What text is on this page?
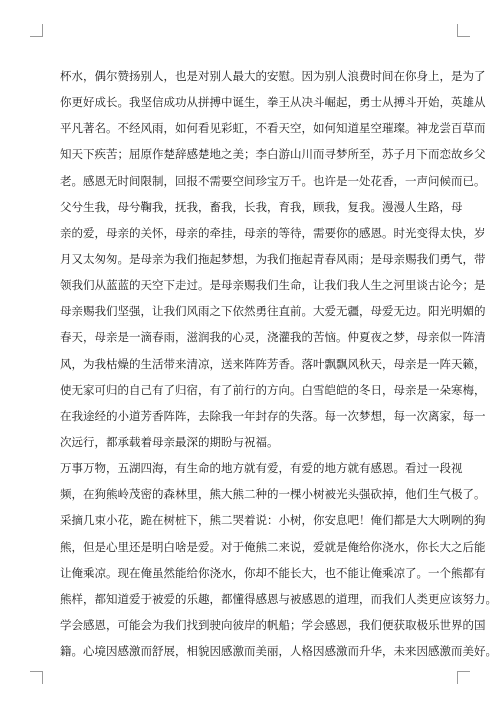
杯水，偶尔赞扬别人，也是对别人最大的安慰。因为别人浪费时间在你身上，是为了
你更好成长。我坚信成功从拼搏中诞生，拳王从决斗崛起，勇士从搏斗开始，英雄从
平凡著名。不经风雨，如何看见彩虹，不看天空，如何知道星空璀璨。神龙尝百草而
知天下疾苦；屈原作楚辞感楚地之美；李白游山川而寻梦所至，苏子月下而恋故乡父
老。感恩无时间限制，回报不需要空间珍宝万千。也许是一处花香，一声问候而已。
父兮生我，母兮鞠我，抚我，畜我，长我，育我，顾我，复我。漫漫人生路，母
亲的爱，母亲的关怀，母亲的牵挂，母亲的等待，需要你的感恩。时光变得太快，岁
月又太匆匆。是母亲为我们拖起梦想，为我们拖起青春风雨；是母亲赐我们勇气，带
领我们从蓝蓝的天空下走过。是母亲赐我们生命，让我们我人生之河里谈古论今；是
母亲赐我们坚强，让我们风雨之下依然勇往直前。大爱无疆，母爱无边。阳光明媚的
春天，母亲是一滴春雨，滋润我的心灵，浇灌我的苦恼。仲夏夜之梦，母亲似一阵清
风，为我枯燥的生活带来清凉，送来阵阵芳香。落叶飘飘风秋天，母亲是一阵天籁，
使无家可归的自己有了归宿，有了前行的方向。白雪皑皑的冬日，母亲是一朵寒梅，
在我途经的小道芳香阵阵，去除我一年封存的失落。每一次梦想，每一次离家，每一
次远行，都承载着母亲最深的期盼与祝福。
万事万物，五湖四海，有生命的地方就有爱，有爱的地方就有感恩。看过一段视
频，在狗熊岭茂密的森林里，熊大熊二种的一棵小树被光头强砍掉，他们生气极了。
采摘几束小花，跪在树桩下，熊二哭着说：小树，你安息吧！俺们都是大大咧咧的狗
熊，但是心里还是明白啥是爱。对于俺熊二来说，爱就是俺给你浇水，你长大之后能
让俺乘凉。现在俺虽然能给你浇水，你却不能长大，也不能让俺乘凉了。一个熊都有
熊样，都知道爱于被爱的乐趣，都懂得感恩与被感恩的道理，而我们人类更应该努力。
学会感恩，可能会为我们找到驶向彼岸的帆船；学会感恩，我们便获取极乐世界的国
籍。心境因感激而舒展，相貌因感激而美丽，人格因感激而升华，未来因感激而美好。
